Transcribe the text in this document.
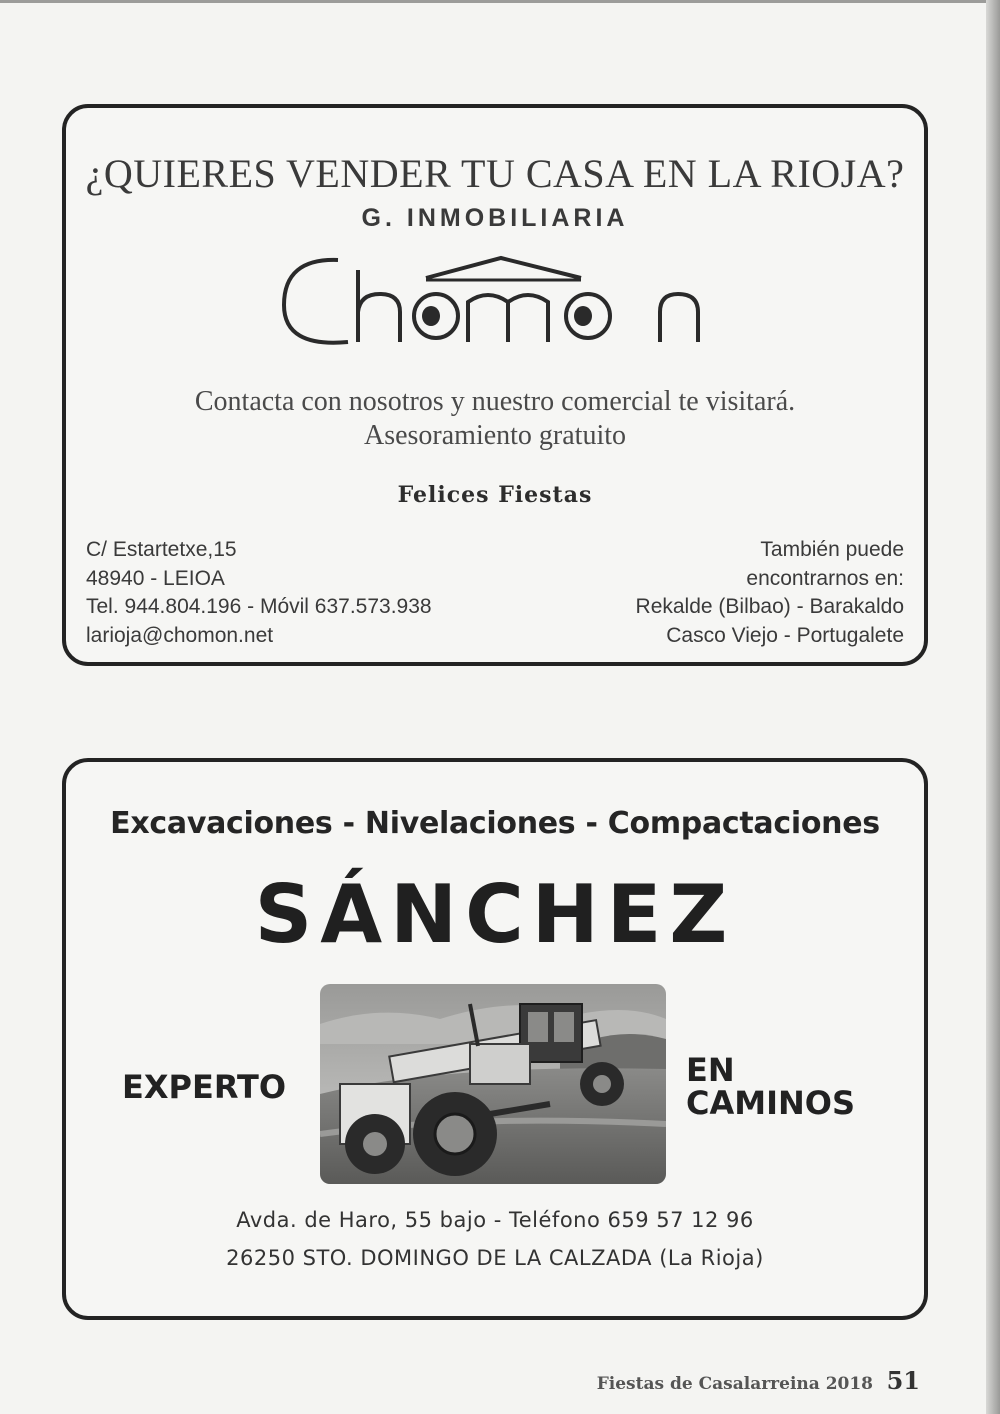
¿QUIERES VENDER TU CASA EN LA RIOJA?
G. INMOBILIARIA
Contacta con nosotros y nuestro comercial te visitará.
Asesoramiento gratuito
Felices Fiestas
C/ Estartetxe,15
48940 - LEIOA
Tel. 944.804.196 - Móvil 637.573.938
larioja@chomon.net
También puede
encontrarnos en:
Rekalde (Bilbao) - Barakaldo
Casco Viejo - Portugalete
Excavaciones - Nivelaciones - Compactaciones
SÁNCHEZ
EXPERTO	EN
CAMINOS
Avda. de Haro, 55 bajo - Teléfono 659 57 12 96
26250 STO. DOMINGO DE LA CALZADA (La Rioja)
Fiestas de Casalarreina 2018 51
